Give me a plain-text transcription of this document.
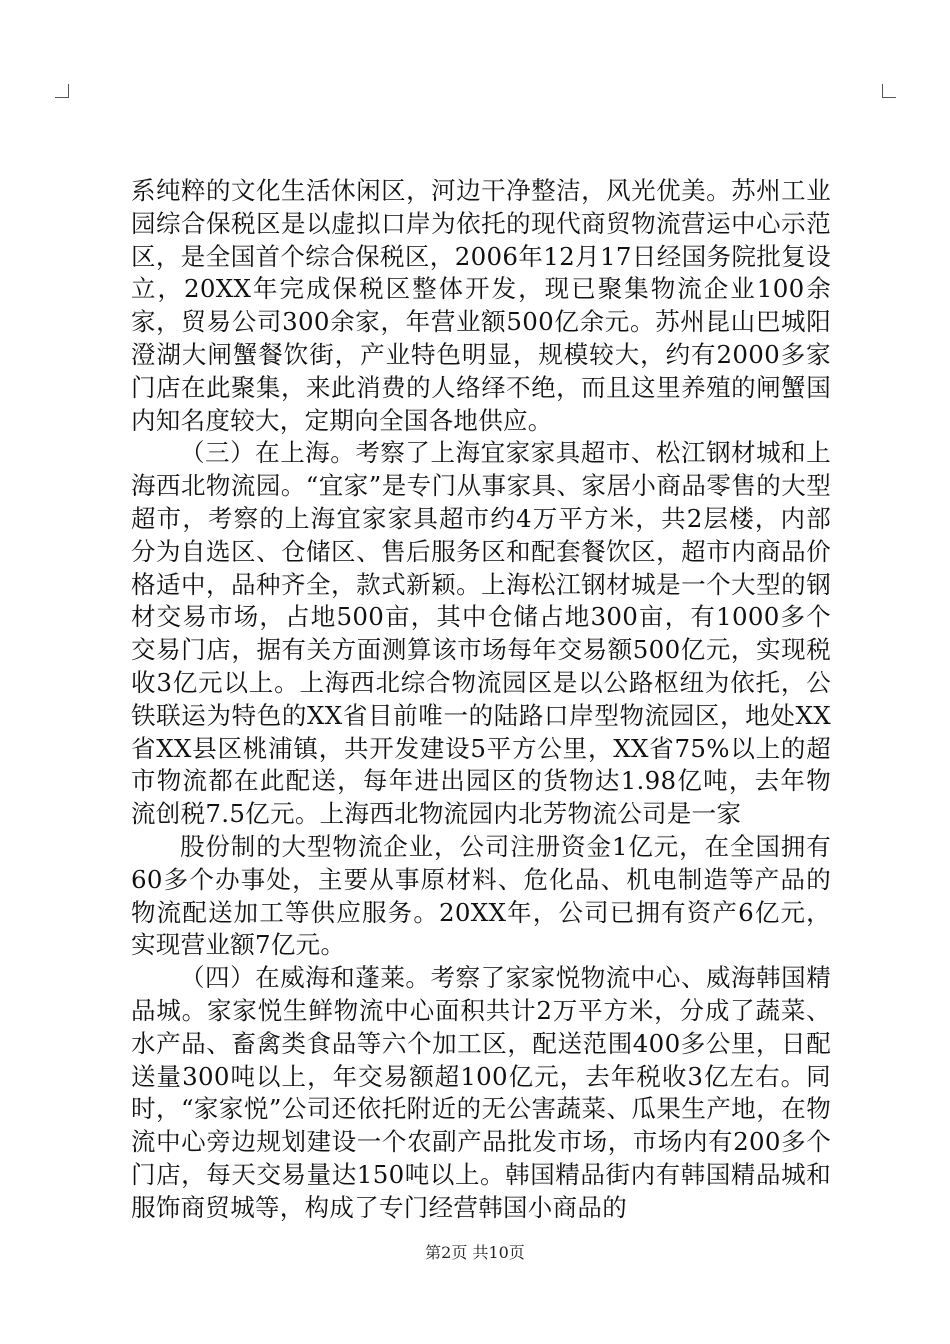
系纯粹的文化生活休闲区，河边干净整洁，风光优美。苏州工业园综合保税区是以虚拟口岸为依托的现代商贸物流营运中心示范区，是全国首个综合保税区，2006年12月17日经国务院批复设立，20XX年完成保税区整体开发，现已聚集物流企业100余家，贸易公司300余家，年营业额500亿余元。苏州昆山巴城阳澄湖大闸蟹餐饮街，产业特色明显，规模较大，约有2000多家门店在此聚集，来此消费的人络绎不绝，而且这里养殖的闸蟹国内知名度较大，定期向全国各地供应。

（三）在上海。考察了上海宜家家具超市、松江钢材城和上海西北物流园。“宜家”是专门从事家具、家居小商品零售的大型超市，考察的上海宜家家具超市约4万平方米，共2层楼，内部分为自选区、仓储区、售后服务区和配套餐饮区，超市内商品价格适中，品种齐全，款式新颖。上海松江钢材城是一个大型的钢材交易市场，占地500亩，其中仓储占地300亩，有1000多个交易门店，据有关方面测算该市场每年交易额500亿元，实现税收3亿元以上。上海西北综合物流园区是以公路枢纽为依托，公铁联运为特色的XX省目前唯一的陆路口岸型物流园区，地处XX省XX县区桃浦镇，共开发建设5平方公里，XX省75%以上的超市物流都在此配送，每年进出园区的货物达1.98亿吨，去年物流创税7.5亿元。上海西北物流园内北芳物流公司是一家

股份制的大型物流企业，公司注册资金1亿元，在全国拥有60多个办事处，主要从事原材料、危化品、机电制造等产品的物流配送加工等供应服务。20XX年，公司已拥有资产6亿元，实现营业额7亿元。

（四）在威海和蓬莱。考察了家家悦物流中心、威海韩国精品城。家家悦生鲜物流中心面积共计2万平方米，分成了蔬菜、水产品、畜禽类食品等六个加工区，配送范围400多公里，日配送量300吨以上，年交易额超100亿元，去年税收3亿左右。同时，“家家悦”公司还依托附近的无公害蔬菜、瓜果生产地，在物流中心旁边规划建设一个农副产品批发市场，市场内有200多个门店，每天交易量达150吨以上。韩国精品街内有韩国精品城和服饰商贸城等，构成了专门经营韩国小商品的

第2页 共10页
